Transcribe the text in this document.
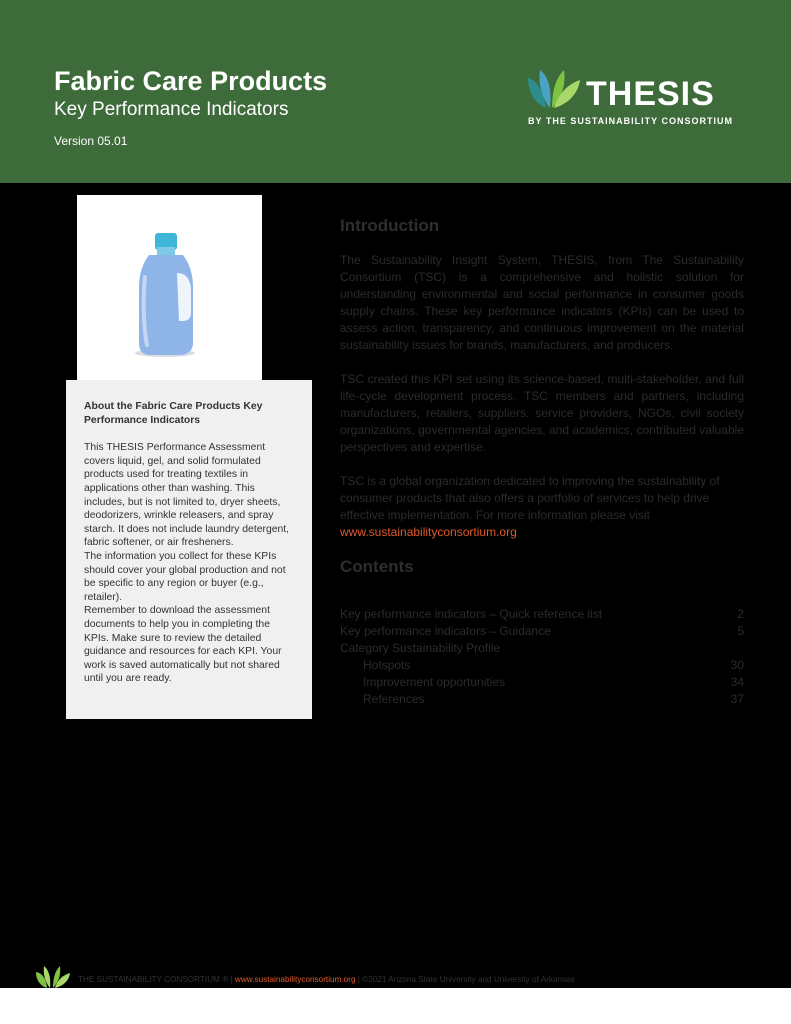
Fabric Care Products
Key Performance Indicators
Version 05.01
THESIS
BY THE SUSTAINABILITY CONSORTIUM

About the Fabric Care Products Key Performance Indicators

This THESIS Performance Assessment covers liquid, gel, and solid formulated products used for treating textiles in applications other than washing. This includes, but is not limited to, dryer sheets, deodorizers, wrinkle releasers, and spray starch. It does not include laundry detergent, fabric softener, or air fresheners.

The information you collect for these KPIs should cover your global production and not be specific to any region or buyer (e.g., retailer).

Remember to download the assessment documents to help you in completing the KPIs. Make sure to review the detailed guidance and resources for each KPI. Your work is saved automatically but not shared until you are ready.

Introduction

The Sustainability Insight System, THESIS, from The Sustainability Consortium (TSC) is a comprehensive and holistic solution for understanding environmental and social performance in consumer goods supply chains. These key performance indicators (KPIs) can be used to assess action, transparency, and continuous improvement on the material sustainability issues for brands, manufacturers, and producers.

TSC created this KPI set using its science-based, multi-stakeholder, and full life-cycle development process. TSC members and partners, including manufacturers, retailers, suppliers, service providers, NGOs, civil society organizations, governmental agencies, and academics, contributed valuable perspectives and expertise.

TSC is a global organization dedicated to improving the sustainability of consumer products that also offers a portfolio of services to help drive effective implementation. For more information please visit

www.sustainabilityconsortium.org
Contents
Key performance indicators – Quick reference list	2
Key performance indicators – Guidance	5
Category Sustainability Profile
Hotspots	30
Improvement opportunities	34
References	37
THE SUSTAINABILITY CONSORTIUM ® | www.sustainabilityconsortium.org | ©2021 Arizona State University and University of Arkansas
